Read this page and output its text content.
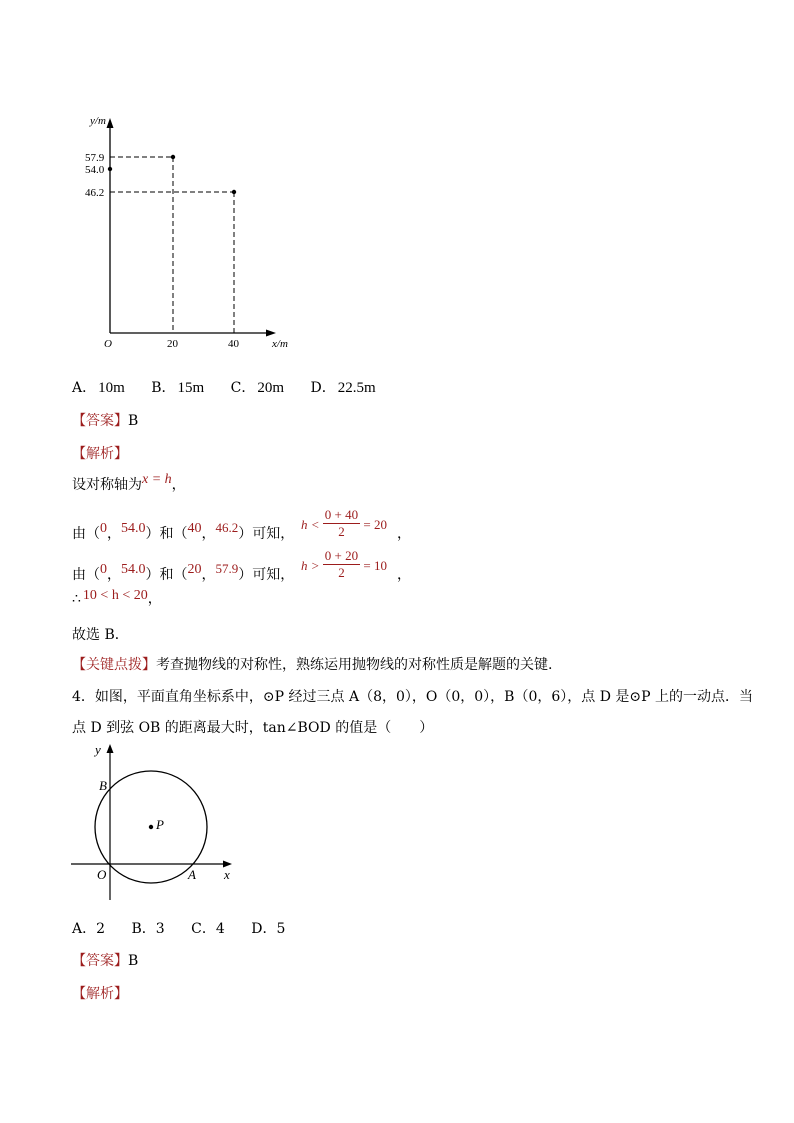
y/m
57.9
54.0
46.2
O	20	40	x/m
A． 10m B． 15m C． 20m D． 22.5m
【答案】B
【解析】
设对称轴为x = h，
由（0，54.0）和（40，46.2）可知，
$h < \frac{0 + 40}{2} = 20$
，
由（0，54.0）和（20，57.9）可知，
$h > \frac{0 + 20}{2} = 10$
，
∴ 10 < h < 20，
故选 B．
【关键点拨】考查抛物线的对称性，熟练运用抛物线的对称性质是解题的关键.
4．如图，平面直角坐标系中，⊙P 经过三点 A（8，0），O（0，0），B（0，6），点 D 是⊙P 上的一动点．当
点 D 到弦 OB 的距离最大时，tan∠BOD 的值是（　　）
y
B
P
O	A x
A．2 B．3 C．4 D．5
【答案】B
【解析】
